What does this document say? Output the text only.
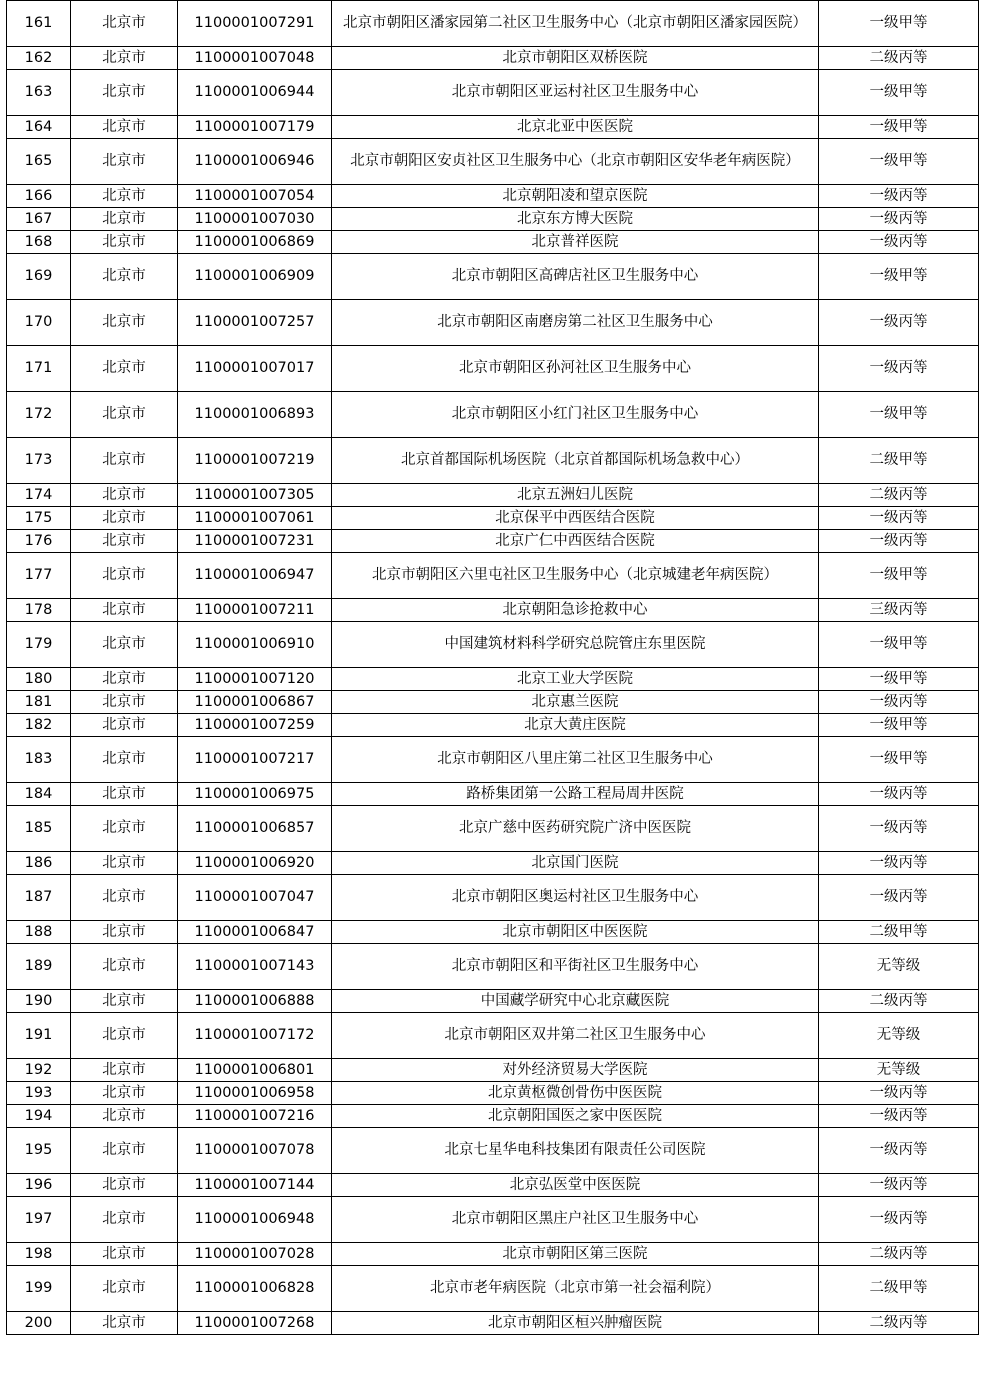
161	北京市	1100001007291	北京市朝阳区潘家园第二社区卫生服务中心（北京市朝阳区潘家园医院）	一级甲等
162	北京市	1100001007048	北京市朝阳区双桥医院	二级丙等
163	北京市	1100001006944	北京市朝阳区亚运村社区卫生服务中心	一级甲等
164	北京市	1100001007179	北京北亚中医医院	一级甲等
165	北京市	1100001006946	北京市朝阳区安贞社区卫生服务中心（北京市朝阳区安华老年病医院）	一级甲等
166	北京市	1100001007054	北京朝阳凌和望京医院	一级丙等
167	北京市	1100001007030	北京东方博大医院	一级丙等
168	北京市	1100001006869	北京普祥医院	一级丙等
169	北京市	1100001006909	北京市朝阳区高碑店社区卫生服务中心	一级甲等
170	北京市	1100001007257	北京市朝阳区南磨房第二社区卫生服务中心	一级丙等
171	北京市	1100001007017	北京市朝阳区孙河社区卫生服务中心	一级丙等
172	北京市	1100001006893	北京市朝阳区小红门社区卫生服务中心	一级甲等
173	北京市	1100001007219	北京首都国际机场医院（北京首都国际机场急救中心）	二级甲等
174	北京市	1100001007305	北京五洲妇儿医院	二级丙等
175	北京市	1100001007061	北京保平中西医结合医院	一级丙等
176	北京市	1100001007231	北京广仁中西医结合医院	一级丙等
177	北京市	1100001006947	北京市朝阳区六里屯社区卫生服务中心（北京城建老年病医院）	一级甲等
178	北京市	1100001007211	北京朝阳急诊抢救中心	三级丙等
179	北京市	1100001006910	中国建筑材料科学研究总院管庄东里医院	一级甲等
180	北京市	1100001007120	北京工业大学医院	一级甲等
181	北京市	1100001006867	北京惠兰医院	一级丙等
182	北京市	1100001007259	北京大黄庄医院	一级甲等
183	北京市	1100001007217	北京市朝阳区八里庄第二社区卫生服务中心	一级甲等
184	北京市	1100001006975	路桥集团第一公路工程局周井医院	一级丙等
185	北京市	1100001006857	北京广慈中医药研究院广济中医医院	一级丙等
186	北京市	1100001006920	北京国门医院	一级丙等
187	北京市	1100001007047	北京市朝阳区奥运村社区卫生服务中心	一级丙等
188	北京市	1100001006847	北京市朝阳区中医医院	二级甲等
189	北京市	1100001007143	北京市朝阳区和平街社区卫生服务中心	无等级
190	北京市	1100001006888	中国藏学研究中心北京藏医院	二级丙等
191	北京市	1100001007172	北京市朝阳区双井第二社区卫生服务中心	无等级
192	北京市	1100001006801	对外经济贸易大学医院	无等级
193	北京市	1100001006958	北京黄枢微创骨伤中医医院	一级丙等
194	北京市	1100001007216	北京朝阳国医之家中医医院	一级丙等
195	北京市	1100001007078	北京七星华电科技集团有限责任公司医院	一级丙等
196	北京市	1100001007144	北京弘医堂中医医院	一级丙等
197	北京市	1100001006948	北京市朝阳区黑庄户社区卫生服务中心	一级丙等
198	北京市	1100001007028	北京市朝阳区第三医院	二级丙等
199	北京市	1100001006828	北京市老年病医院（北京市第一社会福利院）	二级甲等
200	北京市	1100001007268	北京市朝阳区桓兴肿瘤医院	二级丙等
